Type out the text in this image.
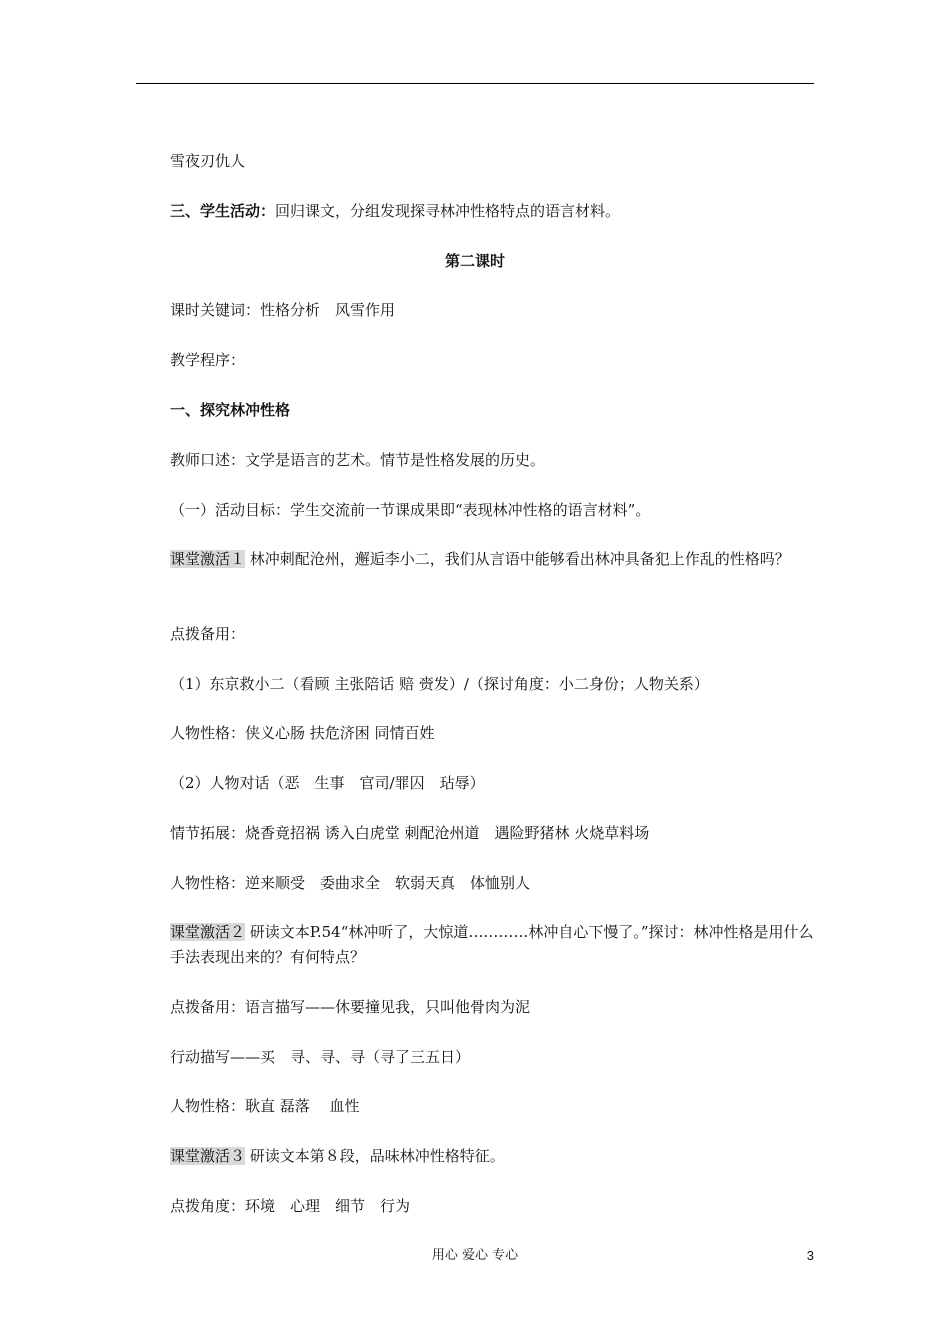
雪夜刃仇人
三、学生活动：回归课文，分组发现探寻林冲性格特点的语言材料。
第二课时
课时关键词：性格分析　风雪作用
教学程序：
一、探究林冲性格
教师口述：文学是语言的艺术。情节是性格发展的历史。
（一）活动目标：学生交流前一节课成果即“表现林冲性格的语言材料”。
课堂激活１ 林冲刺配沧州，邂逅李小二，我们从言语中能够看出林冲具备犯上作乱的性格吗？
点拨备用：
（1）东京救小二（看顾 主张陪话 赔 赍发）/（探讨角度：小二身份；人物关系）
人物性格：侠义心肠 扶危济困 同情百姓
（2）人物对话（恶　生事　官司/罪囚　玷辱）
情节拓展：烧香竟招祸 诱入白虎堂 刺配沧州道　遇险野猪林 火烧草料场
人物性格：逆来顺受　委曲求全　软弱天真　体恤别人
课堂激活２ 研读文本P.54“林冲听了，大惊道…………林冲自心下慢了。”探讨：林冲性格是用什么手法表现出来的？有何特点？
点拨备用：语言描写——休要撞见我，只叫他骨肉为泥
行动描写——买　寻、寻、寻（寻了三五日）
人物性格：耿直 磊落　 血性
课堂激活３ 研读文本第８段，品味林冲性格特征。
点拨角度：环境　心理　细节　行为
用心 爱心 专心	3
